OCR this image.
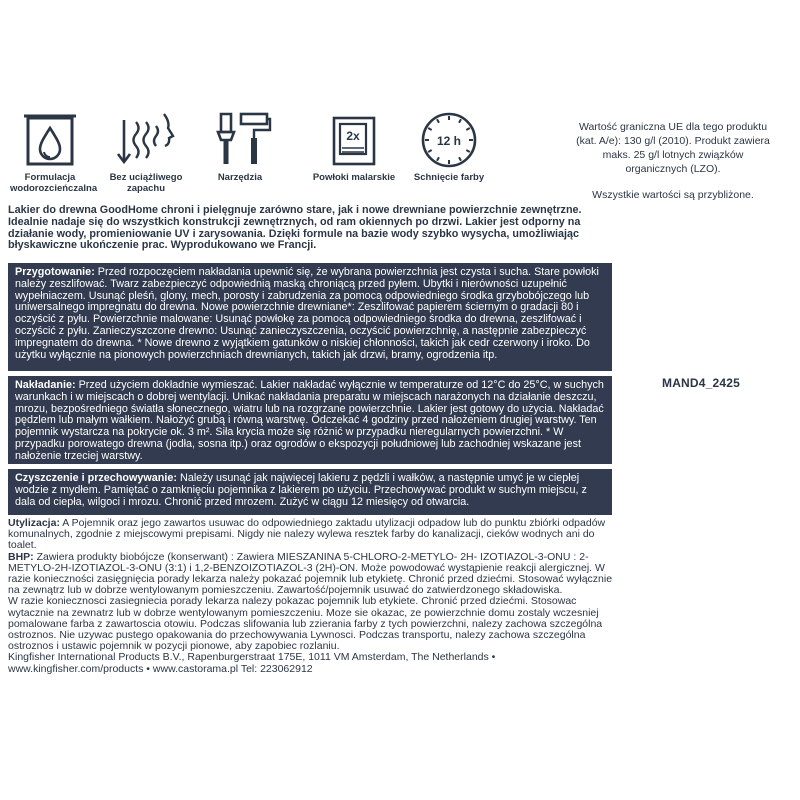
Formulacja wodorozcieńczalna
Bez uciążliwego zapachu
Narzędzia
2x
Powłoki malarskie
12 h
Schnięcie farby

Wartość graniczna UE dla tego produktu (kat. A/e): 130 g/l (2010). Produkt zawiera maks. 25 g/l lotnych związków organicznych (LZO).

Wszystkie wartości są przybliżone.

MAND4_2425
Lakier do drewna GoodHome chroni i pielęgnuje zarówno stare, jak i nowe drewniane powierzchnie zewnętrzne. Idealnie nadaje się do wszystkich konstrukcji zewnętrznych, od ram okiennych po drzwi. Lakier jest odporny na działanie wody, promieniowanie UV i zarysowania. Dzięki formule na bazie wody szybko wysycha, umożliwiając błyskawiczne ukończenie prac. Wyprodukowano we Francji.
Przygotowanie: Przed rozpoczęciem nakładania upewnić się, że wybrana powierzchnia jest czysta i sucha. Stare powłoki należy zeszlifować. Twarz zabezpieczyć odpowiednią maską chroniącą przed pyłem. Ubytki i nierówności uzupełnić wypełniaczem. Usunąć pleśń, glony, mech, porosty i zabrudzenia za pomocą odpowiedniego środka grzybobójczego lub uniwersalnego impregnatu do drewna. Nowe powierzchnie drewniane*: Zeszlifować papierem ściernym o gradacji 80 i oczyścić z pyłu. Powierzchnie malowane: Usunąć powłokę za pomocą odpowiedniego środka do drewna, zeszlifować i oczyścić z pyłu. Zanieczyszczone drewno: Usunąć zanieczyszczenia, oczyścić powierzchnię, a następnie zabezpieczyć impregnatem do drewna. * Nowe drewno z wyjątkiem gatunków o niskiej chłonności, takich jak cedr czerwony i iroko. Do użytku wyłącznie na pionowych powierzchniach drewnianych, takich jak drzwi, bramy, ogrodzenia itp.
Nakładanie: Przed użyciem dokładnie wymieszać. Lakier nakładać wyłącznie w temperaturze od 12°C do 25°C, w suchych warunkach i w miejscach o dobrej wentylacji. Unikać nakładania preparatu w miejscach narażonych na działanie deszczu, mrozu, bezpośredniego światła słonecznego, wiatru lub na rozgrzane powierzchnie. Lakier jest gotowy do użycia. Nakładać pędzlem lub małym wałkiem. Nałożyć grubą i równą warstwę. Odczekać 4 godziny przed nałożeniem drugiej warstwy. Ten pojemnik wystarcza na pokrycie ok. 3 m². Siła krycia może się różnić w przypadku nieregularnych powierzchni. * W przypadku porowatego drewna (jodła, sosna itp.) oraz ogrodów o ekspozycji południowej lub zachodniej wskazane jest nałożenie trzeciej warstwy.
Czyszczenie i przechowywanie: Należy usunąć jak najwięcej lakieru z pędzli i wałków, a następnie umyć je w ciepłej wodzie z mydłem. Pamiętać o zamknięciu pojemnika z lakierem po użyciu. Przechowywać produkt w suchym miejscu, z dala od ciepła, wilgoci i mrozu. Chronić przed mrozem. Zużyć w ciągu 12 miesięcy od otwarcia.

Utylizacja: A Pojemnik oraz jego zawartos usuwac do odpowiedniego zaktadu utylizacji odpadow lub do punktu zbiórki odpadów komunalnych, zgodnie z miejscowymi prepisami. Nigdy nie nalezy wylewa resztek farby do kanalizacji, cieków wodnych ani do toalet.

BHP: Zawiera produkty biobójcze (konserwant) : Zawiera MIESZANINA 5-CHLORO-2-METYLO- 2H- IZOTIAZOL-3-ONU : 2-METYLO-2H-IZOTIAZOL-3-ONU (3:1) i 1,2-BENZOIZOTIAZOL-3 (2H)-ON. Może powodować wystąpienie reakcji alergicznej. W razie konieczności zasięgnięcia porady lekarza należy pokazać pojemnik lub etykietę. Chronić przed dziećmi. Stosować wyłącznie na zewnątrz lub w dobrze wentylowanym pomieszczeniu. Zawartość/pojemnik usuwać do zatwierdzonego składowiska.

W razie koniecznosci zasiegniecia porady lekarza nalezy pokazac pojemnik lub etykiete. Chronić przed dziećmi. Stosowac wytacznie na zewnatrz lub w dobrze wentylowanym pomieszczeniu. Moze sie okazac, ze powierzchnie domu zostaly wczesniej pomalowane farba z zawartoscia otowiu. Podczas slifowania lub zzierania farby z tych powierzchni, nalezy zachowa szczególna ostroznos. Nie uzywac pustego opakowania do przechowywania Lywnosci. Podczas transportu, nalezy zachowa szczególna ostroznos i ustawic pojemnik w pozycji pionowe, aby zapobiec rozlaniu.

Kingfisher International Products B.V., Rapenburgerstraat 175E, 1011 VM Amsterdam, The Netherlands •

www.kingfisher.com/products • www.castorama.pl Tel: 223062912
